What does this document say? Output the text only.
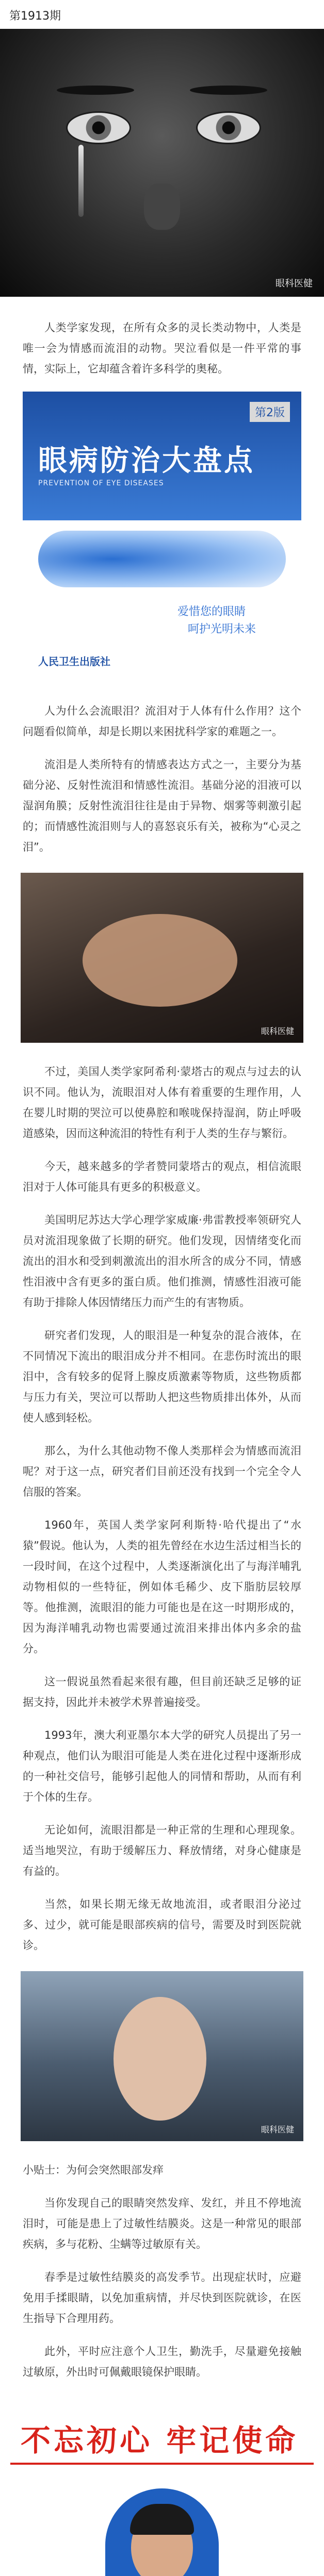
第1913期
眼科医健

人类学家发现，在所有众多的灵长类动物中，人类是唯一会为情感而流泪的动物。哭泣看似是一件平常的事情，实际上，它却蕴含着许多科学的奥秘。

第2版
眼病防治大盘点
PREVENTION OF EYE DISEASES
爱惜您的眼睛
呵护光明未来
人民卫生出版社

人为什么会流眼泪？流泪对于人体有什么作用？这个问题看似简单，却是长期以来困扰科学家的难题之一。

流泪是人类所特有的情感表达方式之一，主要分为基础分泌、反射性流泪和情感性流泪。基础分泌的泪液可以湿润角膜；反射性流泪往往是由于异物、烟雾等刺激引起的；而情感性流泪则与人的喜怒哀乐有关，被称为“心灵之泪”。

眼科医健

不过，美国人类学家阿希利·蒙塔古的观点与过去的认识不同。他认为，流眼泪对人体有着重要的生理作用，人在婴儿时期的哭泣可以使鼻腔和喉咙保持湿润，防止呼吸道感染，因而这种流泪的特性有利于人类的生存与繁衍。

今天，越来越多的学者赞同蒙塔古的观点，相信流眼泪对于人体可能具有更多的积极意义。

美国明尼苏达大学心理学家威廉·弗雷教授率领研究人员对流泪现象做了长期的研究。他们发现，因情绪变化而流出的泪水和受到刺激流出的泪水所含的成分不同，情感性泪液中含有更多的蛋白质。他们推测，情感性泪液可能有助于排除人体因情绪压力而产生的有害物质。

研究者们发现，人的眼泪是一种复杂的混合液体，在不同情况下流出的眼泪成分并不相同。在悲伤时流出的眼泪中，含有较多的促肾上腺皮质激素等物质，这些物质都与压力有关，哭泣可以帮助人把这些物质排出体外，从而使人感到轻松。

那么，为什么其他动物不像人类那样会为情感而流泪呢？对于这一点，研究者们目前还没有找到一个完全令人信服的答案。

1960年，英国人类学家阿利斯特·哈代提出了“水猿”假说。他认为，人类的祖先曾经在水边生活过相当长的一段时间，在这个过程中，人类逐渐演化出了与海洋哺乳动物相似的一些特征，例如体毛稀少、皮下脂肪层较厚等。他推测，流眼泪的能力可能也是在这一时期形成的，因为海洋哺乳动物也需要通过流泪来排出体内多余的盐分。

这一假说虽然看起来很有趣，但目前还缺乏足够的证据支持，因此并未被学术界普遍接受。

1993年，澳大利亚墨尔本大学的研究人员提出了另一种观点，他们认为眼泪可能是人类在进化过程中逐渐形成的一种社交信号，能够引起他人的同情和帮助，从而有利于个体的生存。

无论如何，流眼泪都是一种正常的生理和心理现象。适当地哭泣，有助于缓解压力、释放情绪，对身心健康是有益的。

当然，如果长期无缘无故地流泪，或者眼泪分泌过多、过少，就可能是眼部疾病的信号，需要及时到医院就诊。

眼科医健

小贴士：为何会突然眼部发痒

当你发现自己的眼睛突然发痒、发红，并且不停地流泪时，可能是患上了过敏性结膜炎。这是一种常见的眼部疾病，多与花粉、尘螨等过敏原有关。

春季是过敏性结膜炎的高发季节。出现症状时，应避免用手揉眼睛，以免加重病情，并尽快到医院就诊，在医生指导下合理用药。

此外，平时应注意个人卫生，勤洗手，尽量避免接触过敏原，外出时可佩戴眼镜保护眼睛。

不忘初心 牢记使命
